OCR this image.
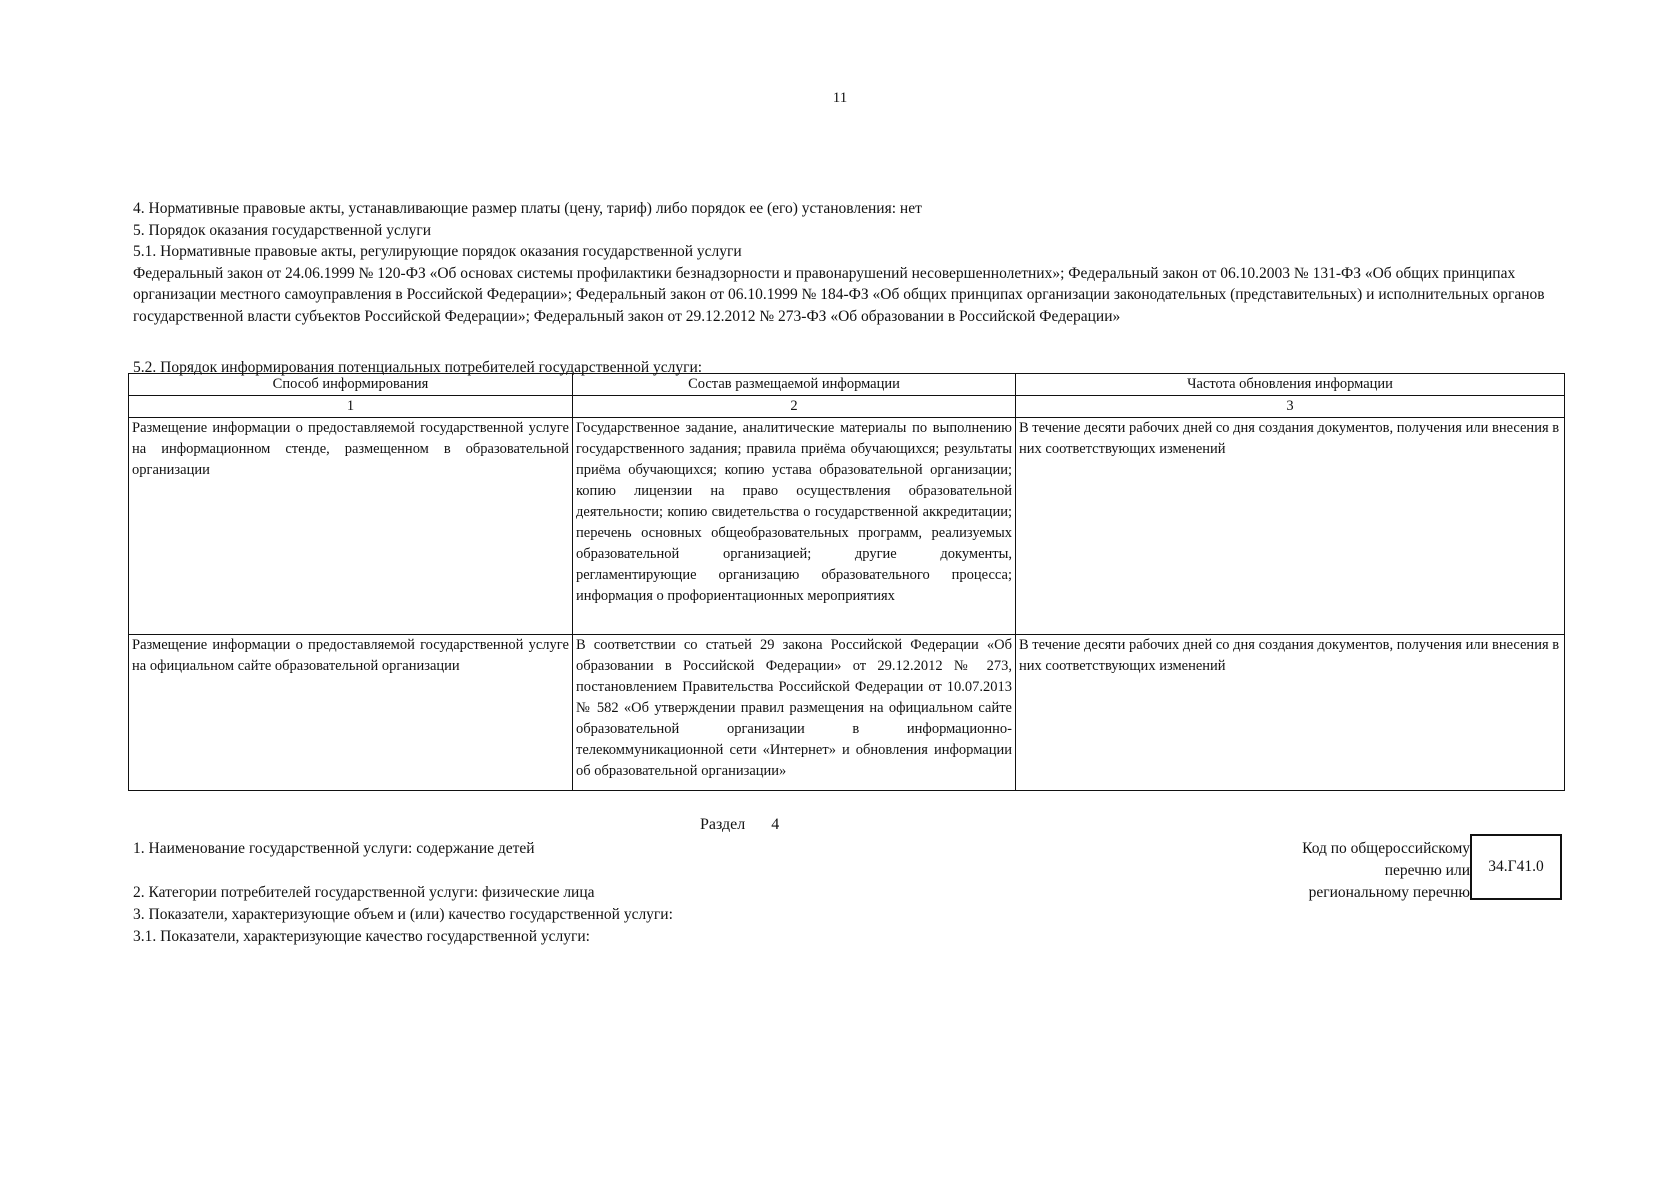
11

4. Нормативные правовые акты, устанавливающие размер платы (цену, тариф) либо порядок ее (его) установления: нет

5. Порядок оказания государственной услуги

5.1. Нормативные правовые акты, регулирующие порядок оказания государственной услуги

Федеральный закон от 24.06.1999 № 120-ФЗ «Об основах системы профилактики безнадзорности и правонарушений несовершеннолетних»; Федеральный закон от 06.10.2003 № 131-ФЗ «Об общих принципах организации местного самоуправления в Российской Федерации»; Федеральный закон от 06.10.1999 № 184-ФЗ «Об общих принципах организации законодательных (представительных) и исполнительных органов государственной власти субъектов Российской Федерации»; Федеральный закон от 29.12.2012 № 273-ФЗ «Об образовании в Российской Федерации»

5.2. Порядок информирования потенциальных потребителей государственной услуги:
Способ информирования	Состав размещаемой информации	Частота обновления информации
1	2	3
Размещение информации о предоставляемой государственной услуге на информационном стенде, размещенном в образовательной организации	Государственное задание, аналитические материалы по выполнению государственного задания; правила приёма обучающихся; результаты приёма обучающихся; копию устава образовательной организации; копию лицензии на право осуществления образовательной деятельности; копию свидетельства о государственной аккредитации; перечень основных общеобразовательных программ, реализуемых образовательной организацией; другие документы, регламентирующие организацию образовательного процесса; информация о профориентационных мероприятиях	В течение десяти рабочих дней со дня создания документов, получения или внесения в них соответствующих изменений
Размещение информации о предоставляемой государственной услуге на официальном сайте образовательной организации	В соответствии со статьей 29 закона Российской Федерации «Об образовании в Российской Федерации» от 29.12.2012 № 273, постановлением Правительства Российской Федерации от 10.07.2013 № 582 «Об утверждении правил размещения на официальном сайте образовательной организации в информационно-телекоммуникационной сети «Интернет» и обновления информации об образовательной организации»	В течение десяти рабочих дней со дня создания документов, получения или внесения в них соответствующих изменений
Раздел 4

1. Наименование государственной услуги: содержание детей

2. Категории потребителей государственной услуги: физические лица

3. Показатели, характеризующие объем и (или) качество государственной услуги:

3.1. Показатели, характеризующие качество государственной услуги:

Код по общероссийскому
перечню или
региональному перечню
34.Г41.0
